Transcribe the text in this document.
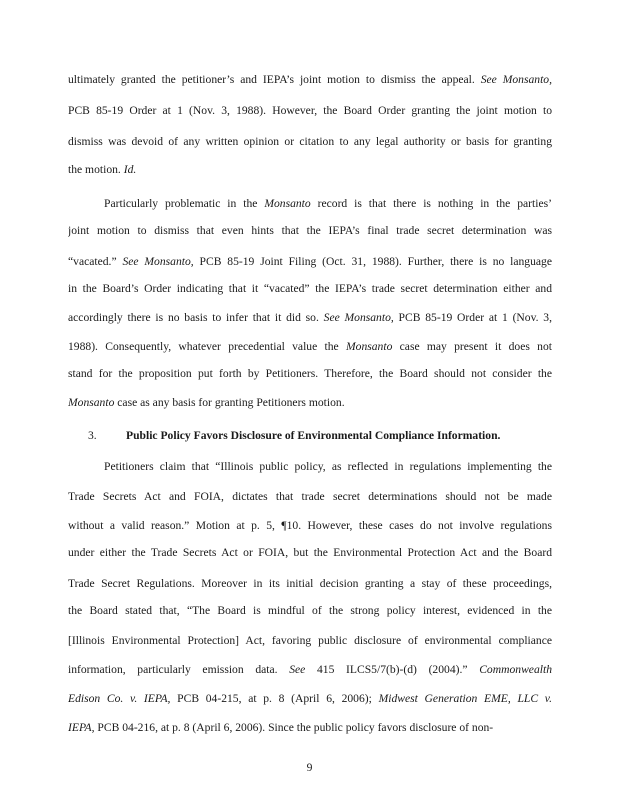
ultimately granted the petitioner’s and IEPA’s joint motion to dismiss the appeal. See Monsanto,
PCB 85-19 Order at 1 (Nov. 3, 1988). However, the Board Order granting the joint motion to
dismiss was devoid of any written opinion or citation to any legal authority or basis for granting
the motion. Id.
Particularly problematic in the Monsanto record is that there is nothing in the parties’
joint motion to dismiss that even hints that the IEPA’s final trade secret determination was
“vacated.” See Monsanto, PCB 85-19 Joint Filing (Oct. 31, 1988). Further, there is no language
in the Board’s Order indicating that it “vacated” the IEPA’s trade secret determination either and
accordingly there is no basis to infer that it did so. See Monsanto, PCB 85-19 Order at 1 (Nov. 3,
1988). Consequently, whatever precedential value the Monsanto case may present it does not
stand for the proposition put forth by Petitioners. Therefore, the Board should not consider the
Monsanto case as any basis for granting Petitioners motion.
3.	Public Policy Favors Disclosure of Environmental Compliance Information.
Petitioners claim that “Illinois public policy, as reflected in regulations implementing the
Trade Secrets Act and FOIA, dictates that trade secret determinations should not be made
without a valid reason.” Motion at p. 5, ¶10. However, these cases do not involve regulations
under either the Trade Secrets Act or FOIA, but the Environmental Protection Act and the Board
Trade Secret Regulations. Moreover in its initial decision granting a stay of these proceedings,
the Board stated that, “The Board is mindful of the strong policy interest, evidenced in the
[Illinois Environmental Protection] Act, favoring public disclosure of environmental compliance
information, particularly emission data. See 415 ILCS5/7(b)-(d) (2004).” Commonwealth
Edison Co. v. IEPA, PCB 04-215, at p. 8 (April 6, 2006); Midwest Generation EME, LLC v.
IEPA, PCB 04-216, at p. 8 (April 6, 2006). Since the public policy favors disclosure of non-
9
